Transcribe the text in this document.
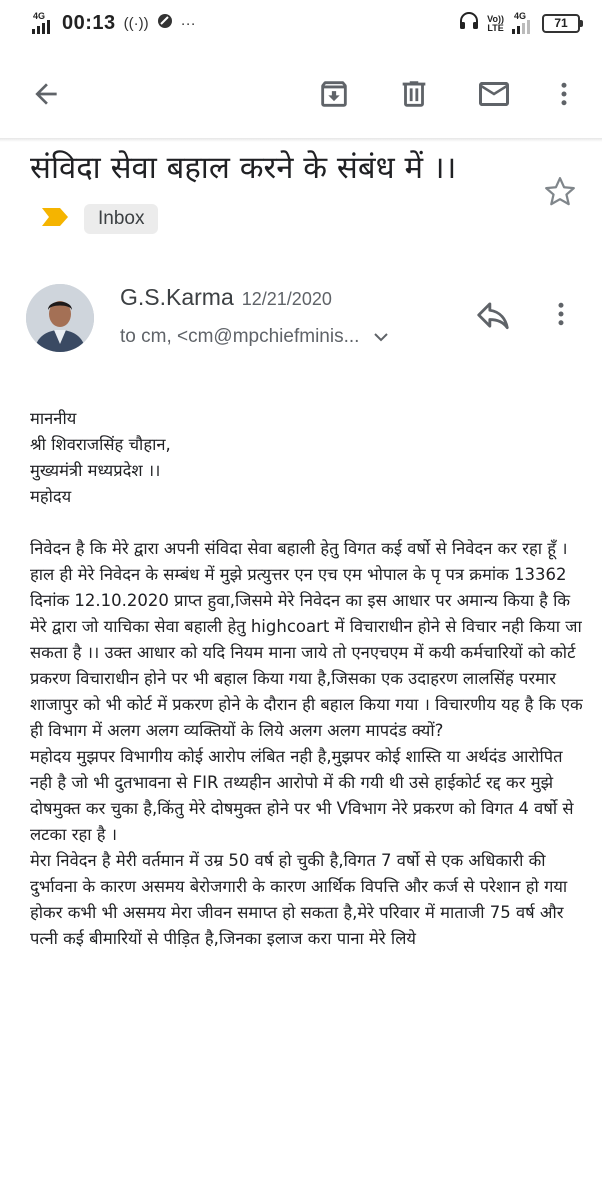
4G 00:13 ((·)) ···	Vo))
LTE
4G
71
संविदा सेवा बहाल करने के संबंध में ।।
Inbox
G.S.Karma 12/21/2020
to cm, <cm@mpchiefminis...

माननीय
श्री शिवराजसिंह चौहान,
मुख्यमंत्री मध्यप्रदेश ।।
महोदय

निवेदन है कि मेरे द्वारा अपनी संविदा सेवा बहाली हेतु विगत कई वर्षो से निवेदन कर रहा हूँ । हाल ही मेरे निवेदन के सम्बंध में मुझे प्रत्युत्तर एन एच एम भोपाल के पृ पत्र क्रमांक 13362 दिनांक 12.10.2020 प्राप्त हुवा,जिसमे मेरे निवेदन का इस आधार पर अमान्य किया है कि मेरे द्वारा जो याचिका सेवा बहाली हेतु highcoart में विचाराधीन होने से विचार नही किया जा सकता है ।। उक्त आधार को यदि नियम माना जाये तो एनएचएम में कयी कर्मचारियों को कोर्ट प्रकरण विचाराधीन होने पर भी बहाल किया गया है,जिसका एक उदाहरण लालसिंह परमार शाजापुर को भी कोर्ट में प्रकरण होने के दौरान ही बहाल किया गया । विचारणीय यह है कि एक ही विभाग में अलग अलग व्यक्तियों के लिये अलग अलग मापदंड क्यों?

महोदय मुझपर विभागीय कोई आरोप लंबित नही है,मुझपर कोई शास्ति या अर्थदंड आरोपित नही है जो भी दुतभावना से FIR तथ्यहीन आरोपो में की गयी थी उसे हाईकोर्ट रद्द कर मुझे दोषमुक्त कर चुका है,किंतु मेरे दोषमुक्त होने पर भी Vविभाग नेरे प्रकरण को विगत 4 वर्षो से लटका रहा है ।

मेरा निवेदन है मेरी वर्तमान में उम्र 50 वर्ष हो चुकी है,विगत 7 वर्षो से एक अधिकारी की दुर्भावना के कारण असमय बेरोजगारी के कारण आर्थिक विपत्ति और कर्ज से परेशान हो गया होकर कभी भी असमय मेरा जीवन समाप्त हो सकता है,मेरे परिवार में माताजी 75 वर्ष और पत्नी कई बीमारियों से पीड़ित है,जिनका इलाज करा पाना मेरे लिये
